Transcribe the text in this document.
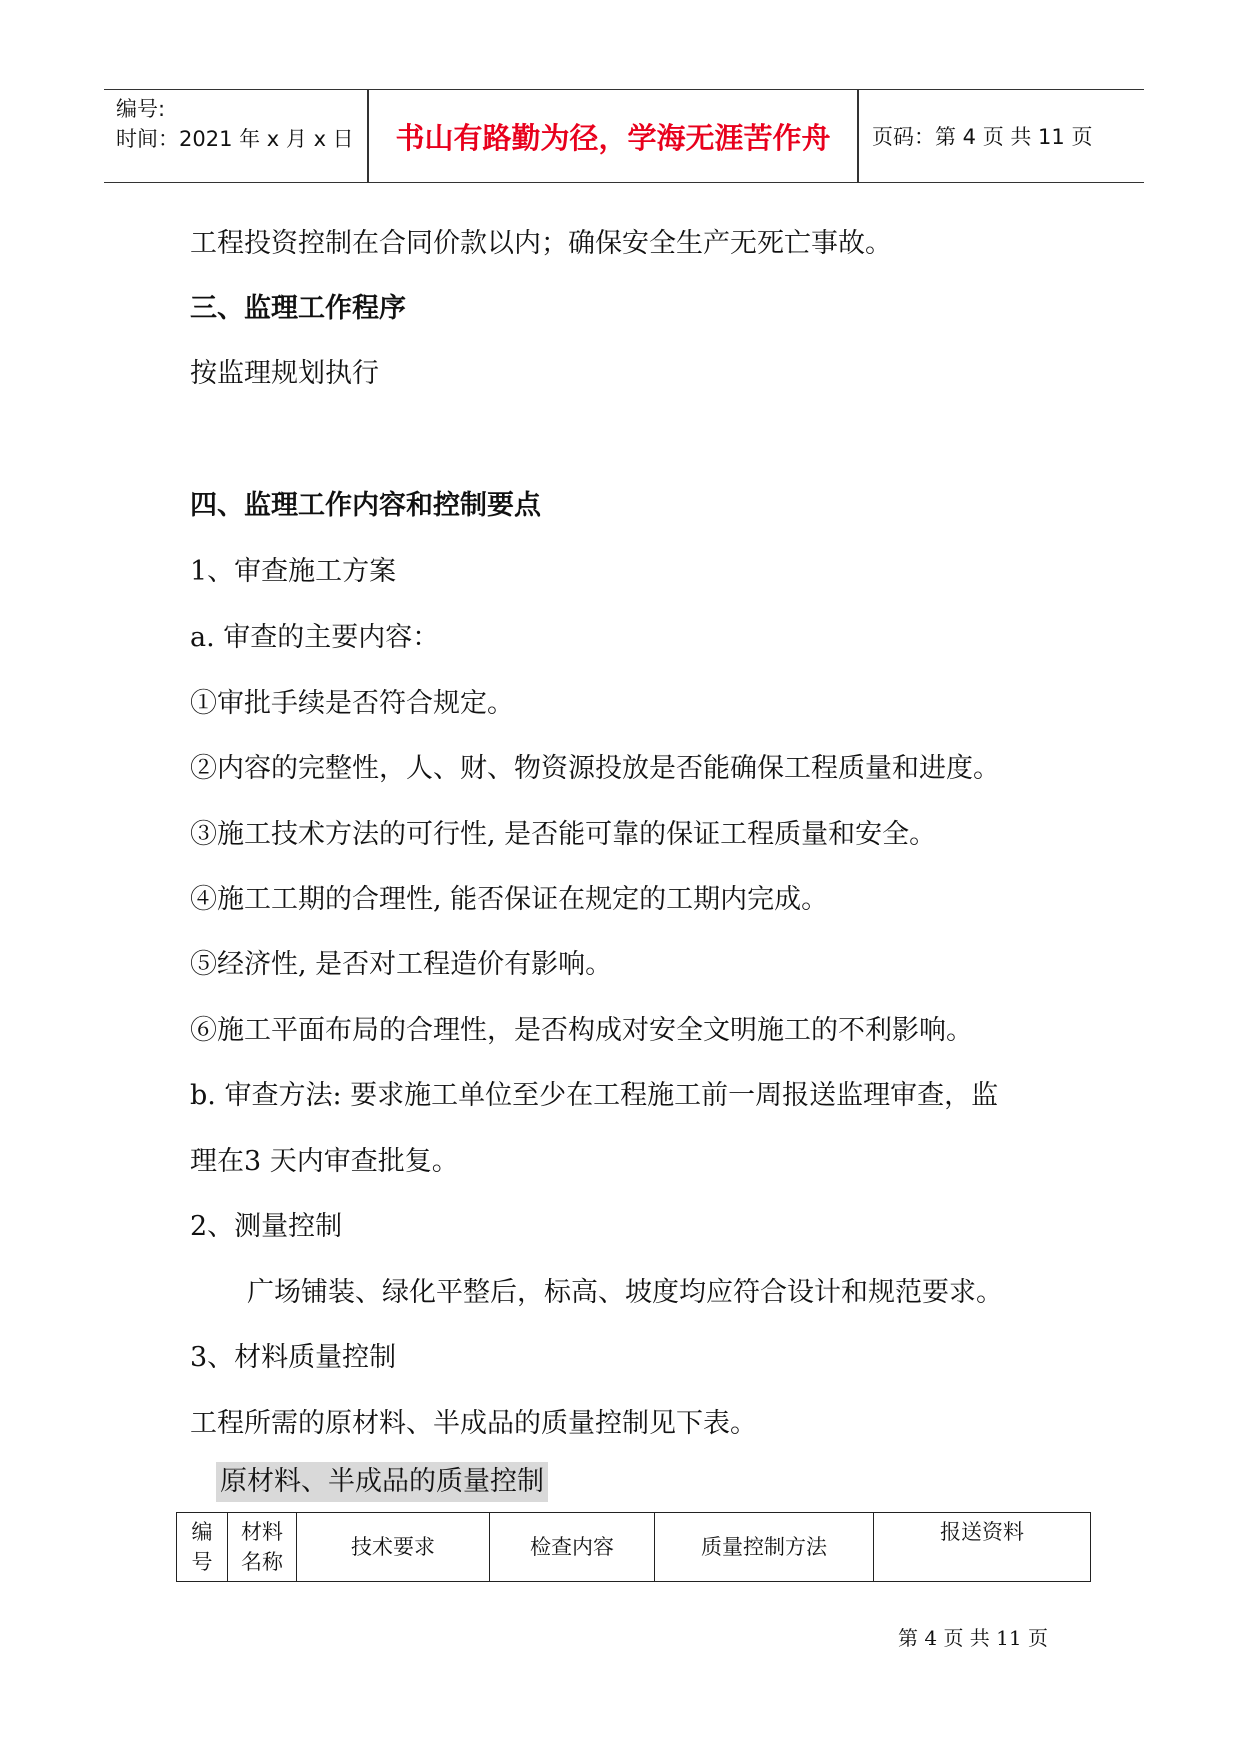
编号:
时间：2021 年 x 月 x 日	书山有路勤为径，学海无涯苦作舟	页码：第 4 页 共 11 页
工程投资控制在合同价款以内；确保安全生产无死亡事故。
三、监理工作程序
按监理规划执行
四、监理工作内容和控制要点
1、审查施工方案
a. 审查的主要内容：
①审批手续是否符合规定。
②内容的完整性，人、财、物资源投放是否能确保工程质量和进度。
③施工技术方法的可行性, 是否能可靠的保证工程质量和安全。
④施工工期的合理性, 能否保证在规定的工期内完成。
⑤经济性, 是否对工程造价有影响。
⑥施工平面布局的合理性，是否构成对安全文明施工的不利影响。
b. 审查方法: 要求施工单位至少在工程施工前一周报送监理审查，监
理在3 天内审查批复。
2、测量控制
广场铺装、绿化平整后，标高、坡度均应符合设计和规范要求。
3、材料质量控制
工程所需的原材料、半成品的质量控制见下表。
原材料、半成品的质量控制
编
号	材料
名称	技术要求	检查内容	质量控制方法	报送资料
第 4 页 共 11 页
